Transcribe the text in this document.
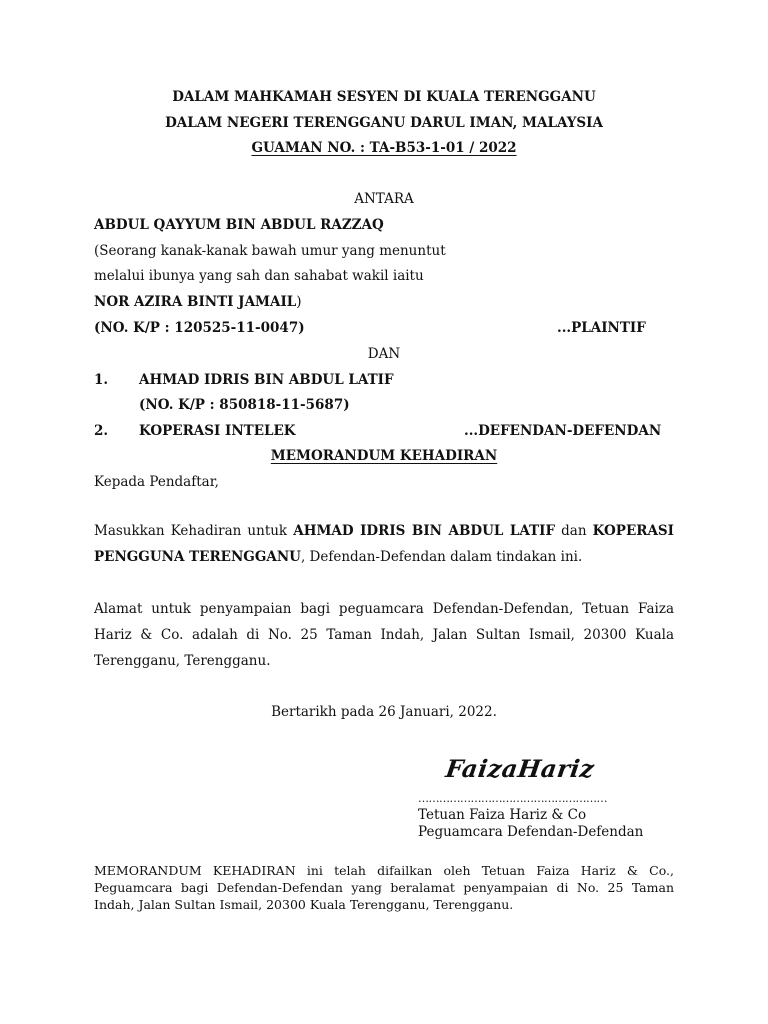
DALAM MAHKAMAH SESYEN DI KUALA TERENGGANU
DALAM NEGERI TERENGGANU DARUL IMAN, MALAYSIA
GUAMAN NO. : TA-B53-1-01 / 2022
ANTARA
ABDUL QAYYUM BIN ABDUL RAZZAQ
(Seorang kanak-kanak bawah umur yang menuntut
melalui ibunya yang sah dan sahabat wakil iaitu
NOR AZIRA BINTI JAMAIL)
(NO. K/P : 120525-11-0047)	...PLAINTIF
DAN
1. AHMAD IDRIS BIN ABDUL LATIF
(NO. K/P : 850818-11-5687)
2. KOPERASI INTELEK	...DEFENDAN-DEFENDAN
MEMORANDUM KEHADIRAN
Kepada Pendaftar,
Masukkan Kehadiran untuk AHMAD IDRIS BIN ABDUL LATIF dan KOPERASI PENGGUNA TERENGGANU, Defendan-Defendan dalam tindakan ini.
Alamat untuk penyampaian bagi peguamcara Defendan-Defendan, Tetuan Faiza Hariz & Co. adalah di No. 25 Taman Indah, Jalan Sultan Ismail, 20300 Kuala Terengganu, Terengganu.
Bertarikh pada 26 Januari, 2022.
FaizaHariz
………………………………………………
Tetuan Faiza Hariz & Co
Peguamcara Defendan-Defendan
MEMORANDUM KEHADIRAN ini telah difailkan oleh Tetuan Faiza Hariz & Co., Peguamcara bagi Defendan-Defendan yang beralamat penyampaian di No. 25 Taman Indah, Jalan Sultan Ismail, 20300 Kuala Terengganu, Terengganu.
